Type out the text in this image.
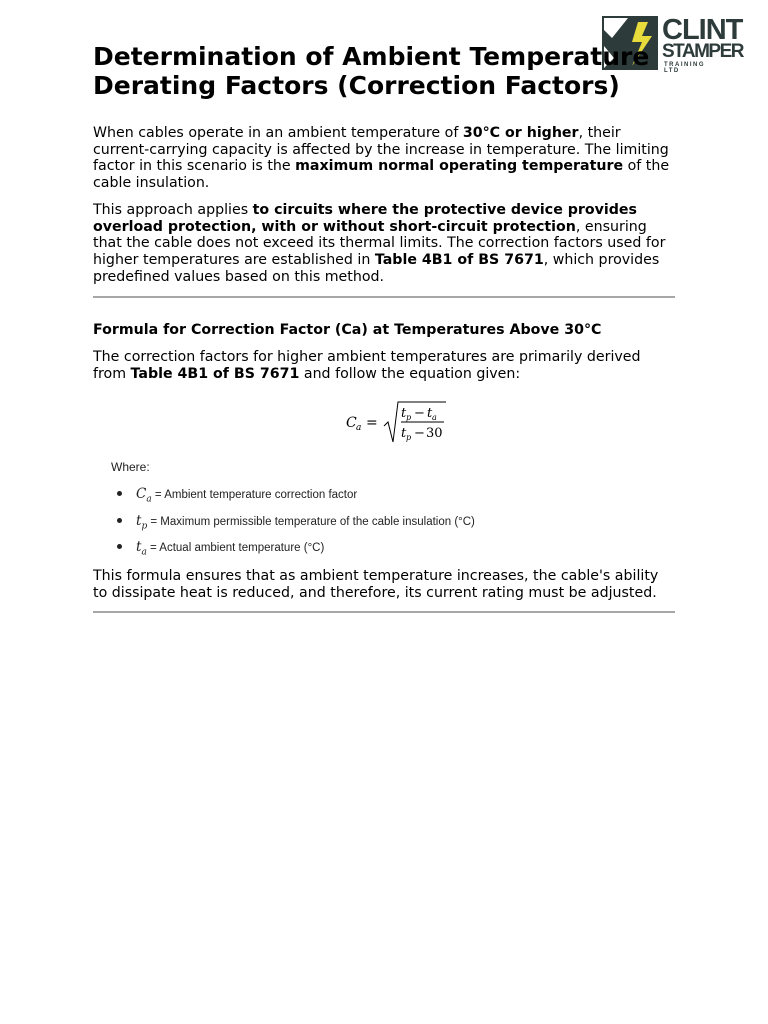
CLINT
STAMPER
TRAINING LTD
Determination of Ambient Temperature Derating Factors (Correction Factors)

When cables operate in an ambient temperature of 30°C or higher, their current-carrying capacity is affected by the increase in temperature. The limiting factor in this scenario is the maximum normal operating temperature of the cable insulation.

This approach applies to circuits where the protective device provides overload protection, with or without short-circuit protection, ensuring that the cable does not exceed its thermal limits. The correction factors used for higher temperatures are established in Table 4B1 of BS 7671, which provides predefined values based on this method.

Formula for Correction Factor (Ca) at Temperatures Above 30°C

The correction factors for higher ambient temperatures are primarily derived from Table 4B1 of BS 7671 and follow the equation given:

C a =
t p − t a
t p − 30
Where:
$C_a$ = Ambient temperature correction factor
$t_p$ = Maximum permissible temperature of the cable insulation (°C)
$t_a$ = Actual ambient temperature (°C)

This formula ensures that as ambient temperature increases, the cable's ability to dissipate heat is reduced, and therefore, its current rating must be adjusted.
